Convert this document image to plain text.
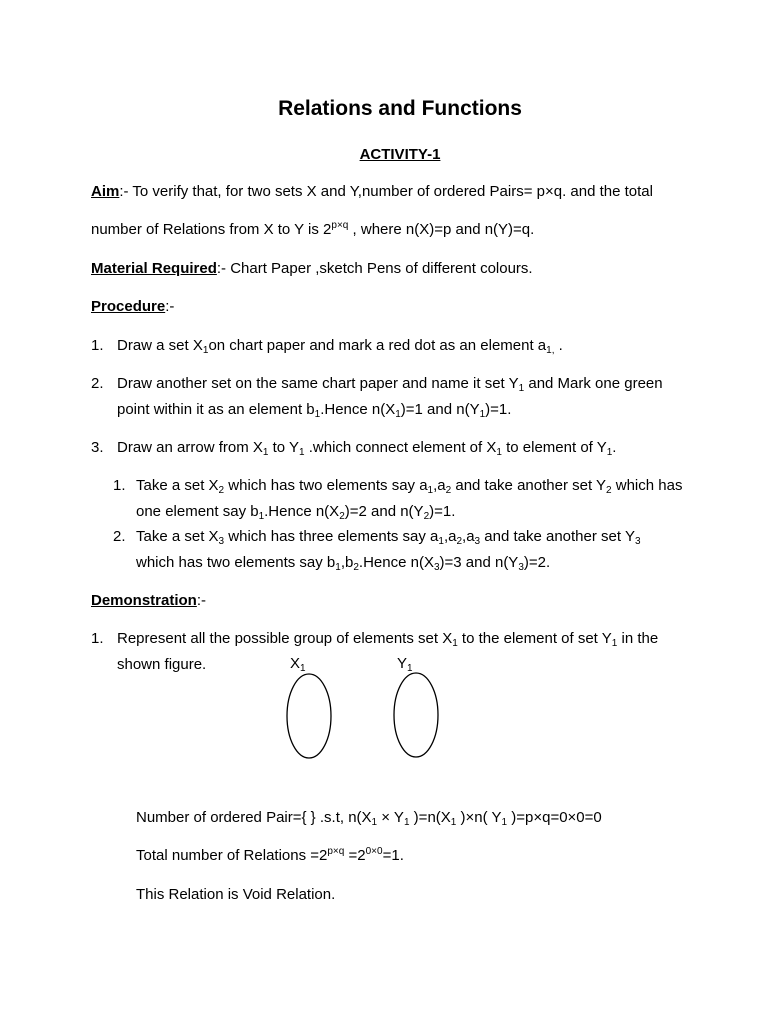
Relations and Functions
ACTIVITY-1
Aim:- To verify that, for two sets X and Y,number of ordered Pairs= p×q. and the total
number of Relations from X to Y is $2^{p\times q}$ , where n(X)=p and n(Y)=q.
Material Required:- Chart Paper ,sketch Pens of different colours.
Procedure:-
1. Draw a set $X_1on$ chart paper and mark a red dot as an element $a_{1,}$ .
2. Draw another set on the same chart paper and name it set $Y_1$ and Mark one green
point within it as an element $b_1.Hence$ $n(X_1)=1$ and $n(Y_1)=1$.
3. Draw an arrow from $X_1$ to $Y_1$ .which connect element of $X_1$ to element of $Y_1$.
1. Take a set $X_2$ which has two elements say $a_1,a_2$ and take another set $Y_2$ which has
one element say $b_1.Hence$ $n(X_2)=2$ and $n(Y_2)=1$.
2. Take a set $X_3$ which has three elements say $a_1,a_2,a_3$ and take another set $Y_3$
which has two elements say $b_1,b_2.Hence$ $n(X_3)=3$ and $n(Y_3)=2$.
Demonstration:-
1. Represent all the possible group of elements set $X_1$ to the element of set $Y_1$ in the
shown figure.	$X_1$	$Y_1$
Number of ordered Pair={ } .s.t, $n(X_1 \times Y_1$ )$=n(X_1$ )×n( $Y_1$ )=p×q=0×0=0
Total number of Relations $=2^{p\times q} =2^{0\times 0}=1$.
This Relation is Void Relation.
